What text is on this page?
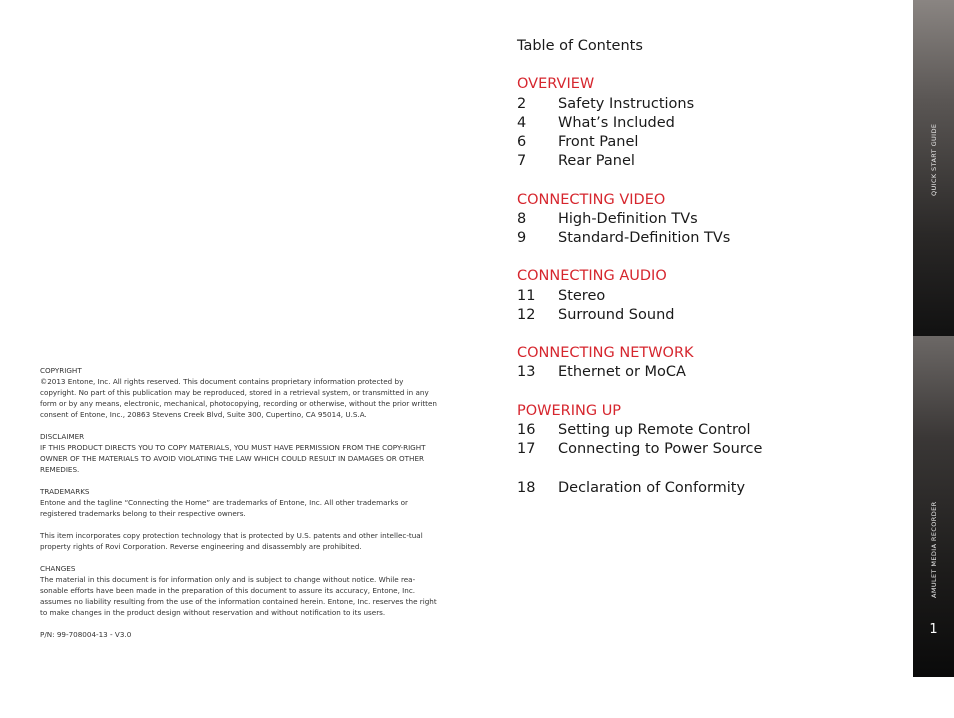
COPYRIGHT

©2013 Entone, Inc. All rights reserved. This document contains proprietary information protected by copyright. No part of this publication may be reproduced, stored in a retrieval system, or transmitted in any form or by any means, electronic, mechanical, photocopying, recording or otherwise, without the prior written consent of Entone, Inc., 20863 Stevens Creek Blvd, Suite 300, Cupertino, CA 95014, U.S.A.

DISCLAIMER

IF THIS PRODUCT DIRECTS YOU TO COPY MATERIALS, YOU MUST HAVE PERMISSION FROM THE COPY-RIGHT OWNER OF THE MATERIALS TO AVOID VIOLATING THE LAW WHICH COULD RESULT IN DAMAGES OR OTHER REMEDIES.

TRADEMARKS

Entone and the tagline “Connecting the Home” are trademarks of Entone, Inc. All other trademarks or registered trademarks belong to their respective owners.

This item incorporates copy protection technology that is protected by U.S. patents and other intellec-tual property rights of Rovi Corporation. Reverse engineering and disassembly are prohibited.

CHANGES

The material in this document is for information only and is subject to change without notice. While rea-sonable efforts have been made in the preparation of this document to assure its accuracy, Entone, Inc. assumes no liability resulting from the use of the information contained herein. Entone, Inc. reserves the right to make changes in the product design without reservation and without notification to its users.

P/N: 99-708004-13 - V3.0

Table of Contents
OVERVIEW
2	Safety Instructions
4	What’s Included
6	Front Panel
7	Rear Panel
CONNECTING VIDEO
8	High-Definition TVs
9	Standard-Definition TVs
CONNECTING AUDIO
11	Stereo
12	Surround Sound
CONNECTING NETWORK
13	Ethernet or MoCA
POWERING UP
16	Setting up Remote Control
17	Connecting to Power Source
18	Declaration of Conformity
QUICK START GUIDE
AMULET MEDIA RECORDER
1
